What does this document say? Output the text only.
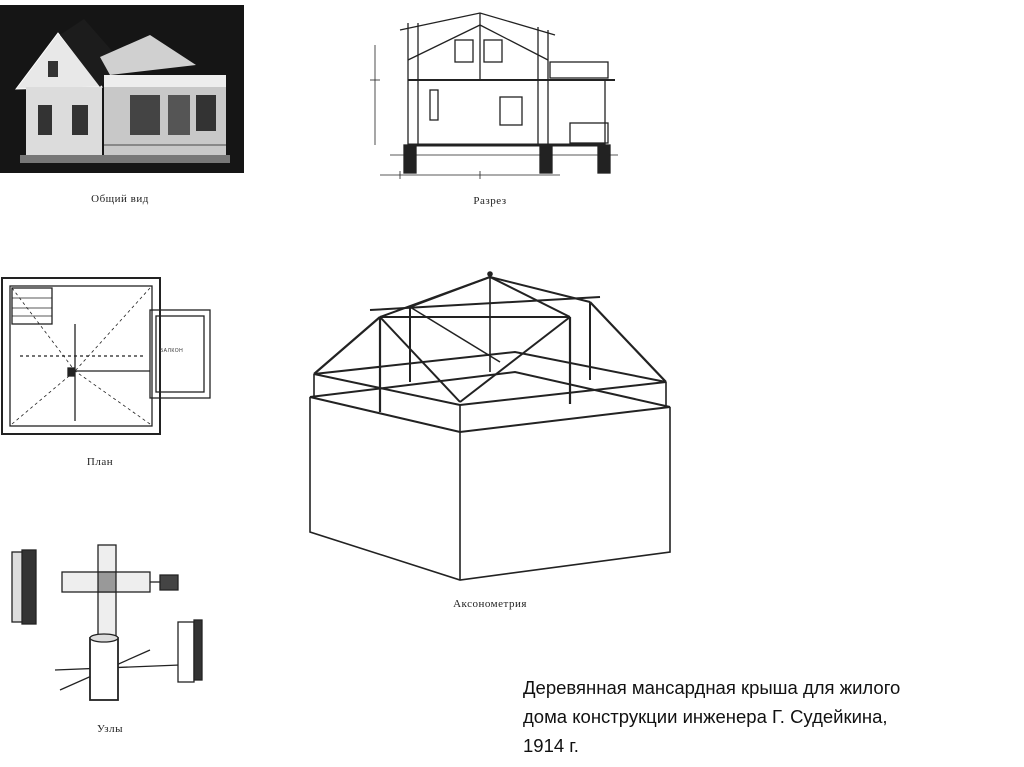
Общий вид	Разрез
БАЛКОН
План
Аксонометрия
Узлы
Деревянная мансардная крыша для жилого
дома конструкции инженера Г. Судейкина,
1914 г.
